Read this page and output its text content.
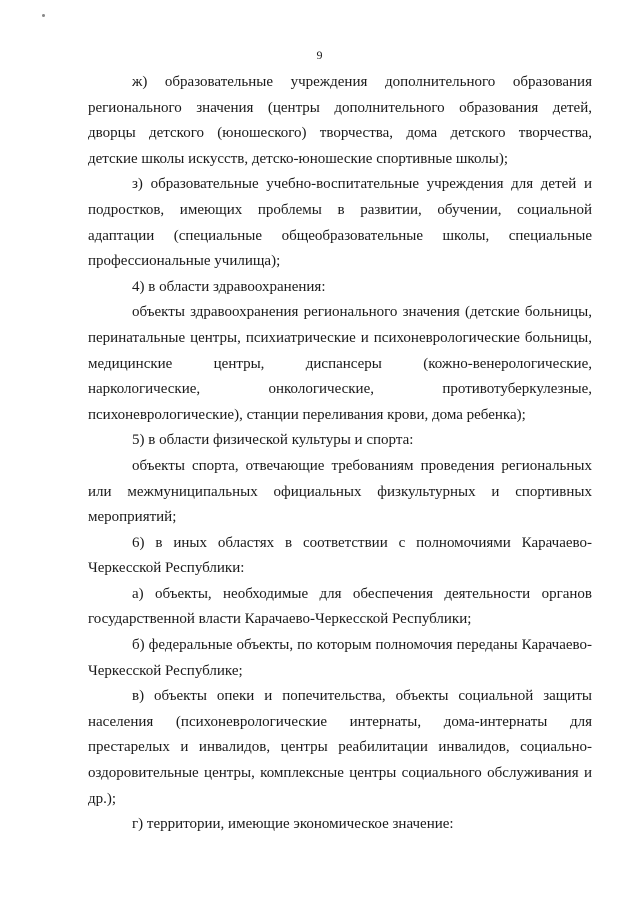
9
ж) образовательные учреждения дополнительного образования
регионального значения (центры дополнительного образования детей,
дворцы детского (юношеского) творчества, дома детского творчества,
детские школы искусств, детско-юношеские спортивные школы);
з) образовательные учебно-воспитательные учреждения для детей и
подростков, имеющих проблемы в развитии, обучении, социальной
адаптации (специальные общеобразовательные школы, специальные
профессиональные училища);
4) в области здравоохранения:
объекты здравоохранения регионального значения (детские больницы,
перинатальные центры, психиатрические и психоневрологические больницы,
медицинские центры, диспансеры (кожно-венерологические,
наркологические, онкологические, противотуберкулезные,
психоневрологические), станции переливания крови, дома ребенка);
5) в области физической культуры и спорта:
объекты спорта, отвечающие требованиям проведения региональных
или межмуниципальных официальных физкультурных и спортивных
мероприятий;
6) в иных областях в соответствии с полномочиями Карачаево-
Черкесской Республики:
а) объекты, необходимые для обеспечения деятельности органов
государственной власти Карачаево-Черкесской Республики;
б) федеральные объекты, по которым полномочия переданы Карачаево-
Черкесской Республике;
в) объекты опеки и попечительства, объекты социальной защиты
населения (психоневрологические интернаты, дома-интернаты для
престарелых и инвалидов, центры реабилитации инвалидов, социально-
оздоровительные центры, комплексные центры социального обслуживания и
др.);
г) территории, имеющие экономическое значение:
